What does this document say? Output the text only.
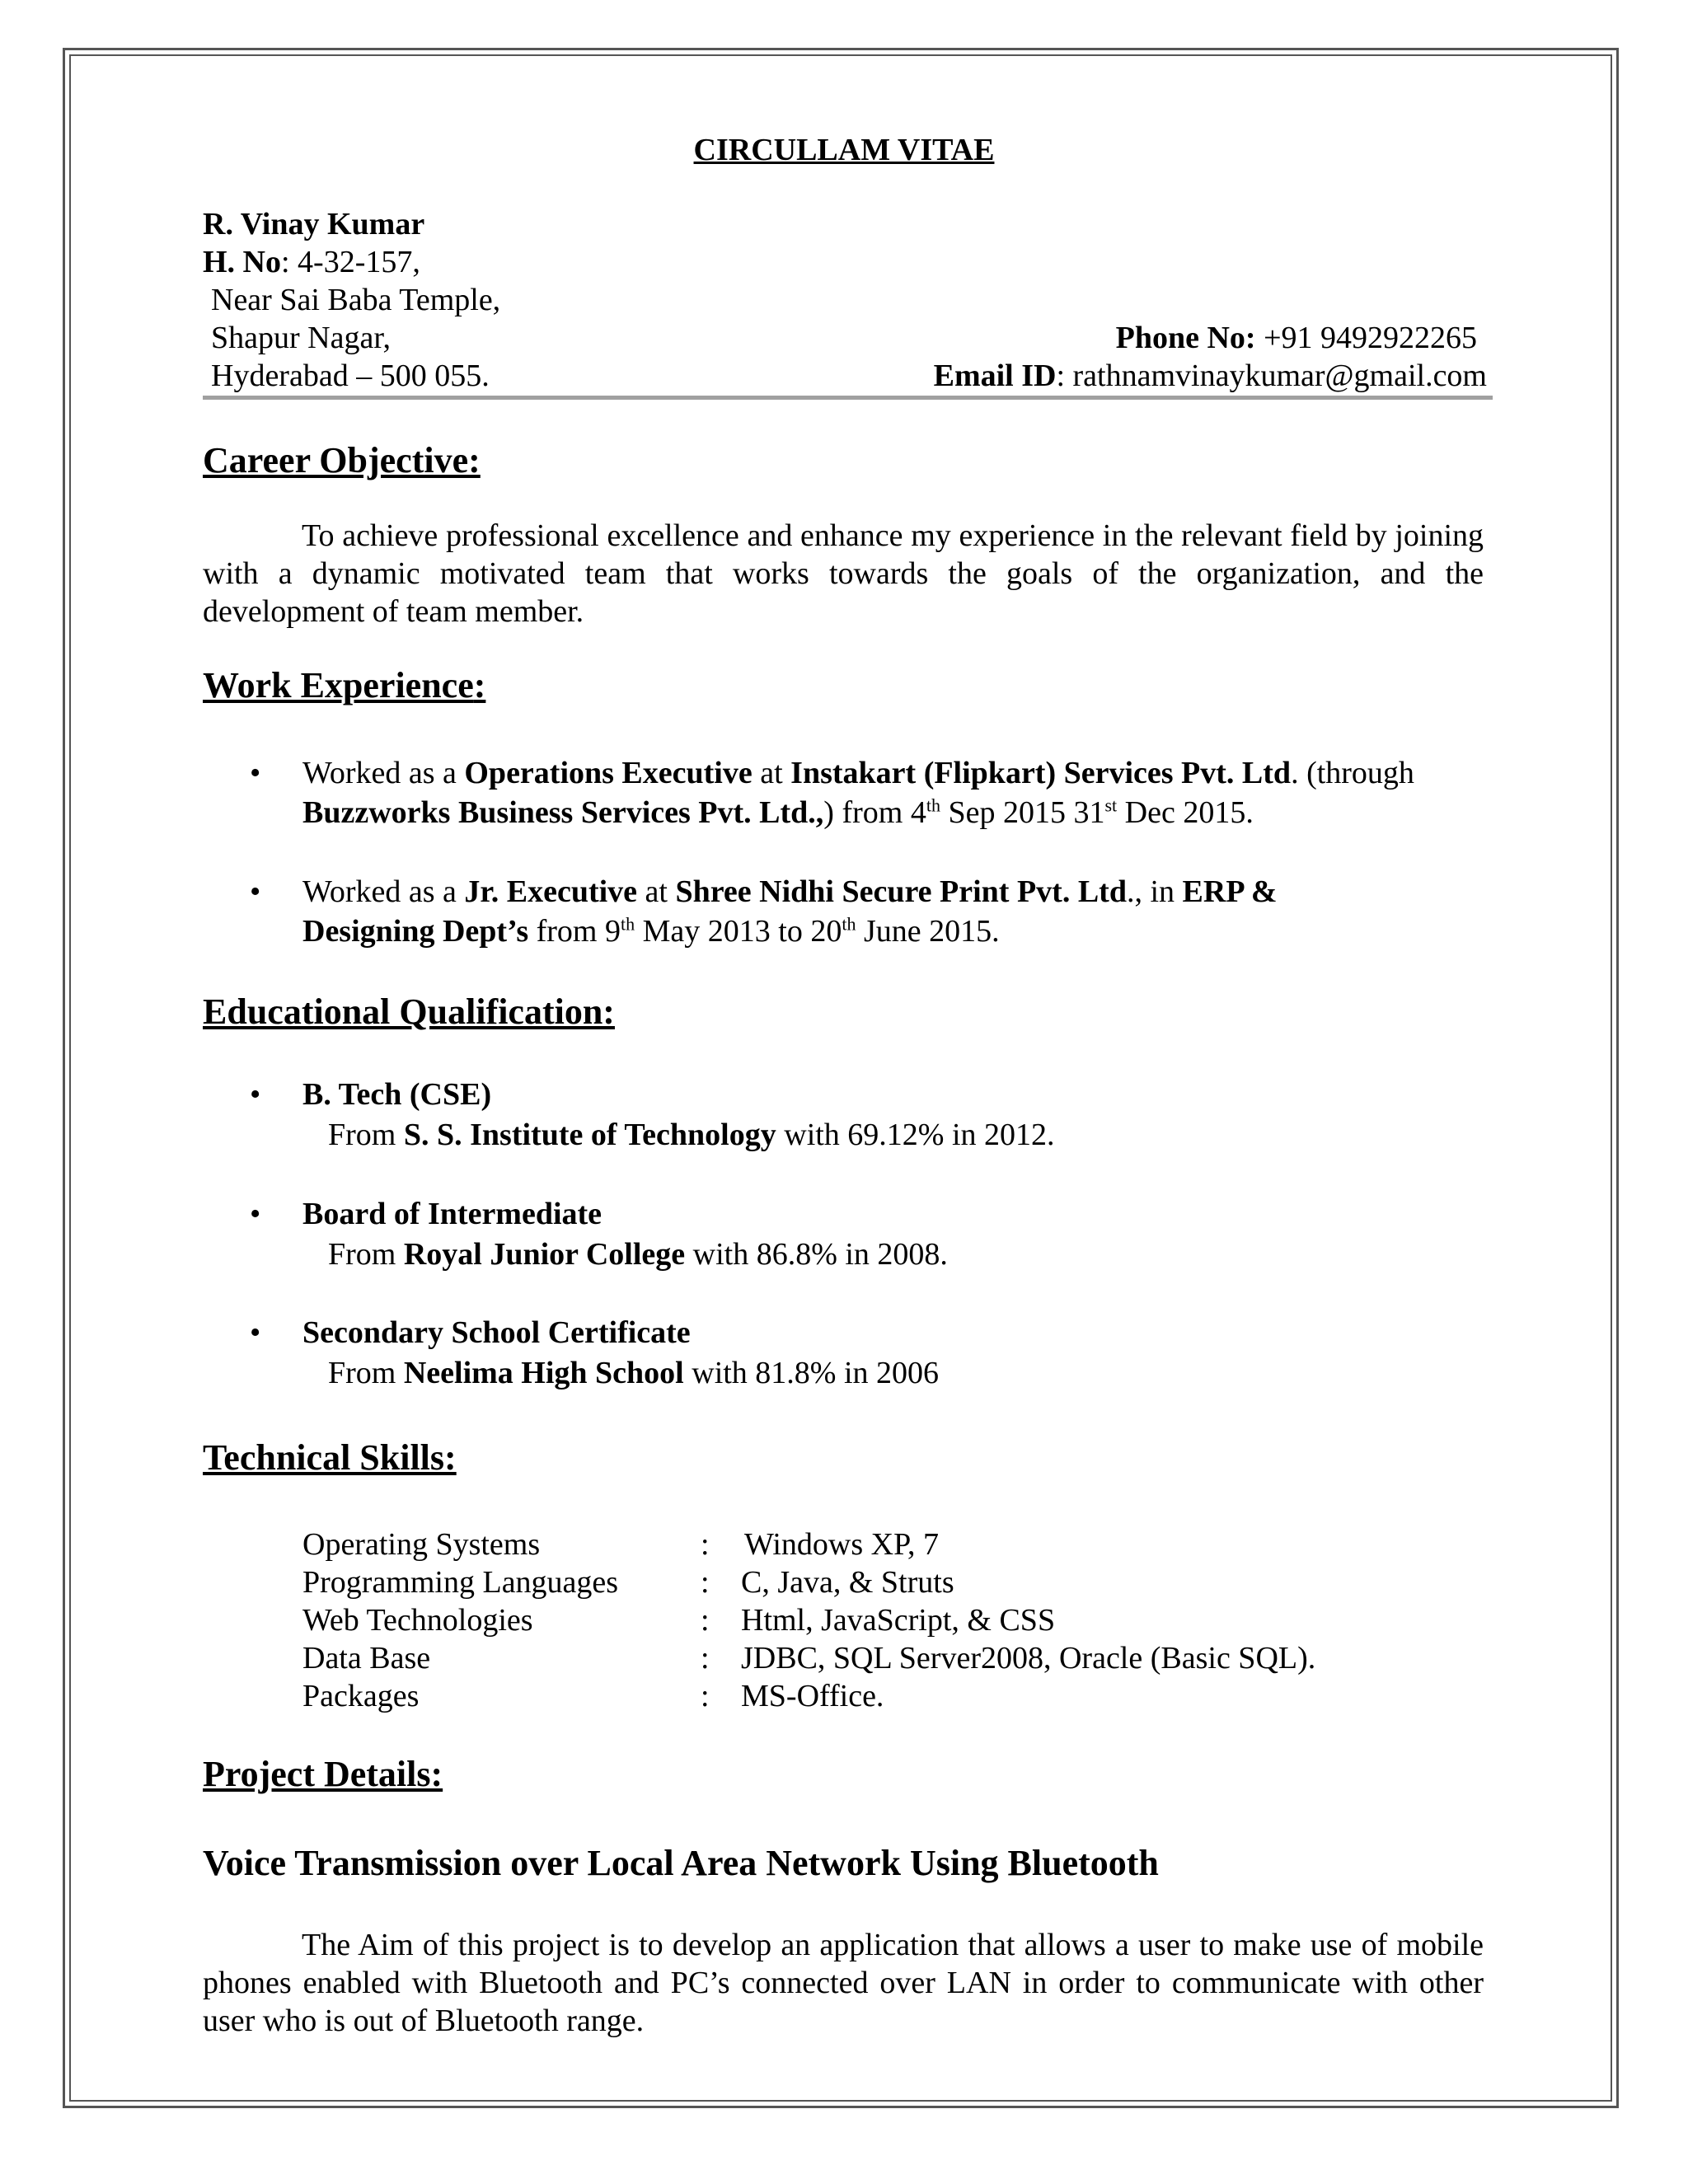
CIRCULLAM VITAE
R. Vinay Kumar
H. No: 4-32-157,
Near Sai Baba Temple,
Shapur Nagar,
Hyderabad – 500 055.
Phone No: +91 9492922265
Email ID: rathnamvinaykumar@gmail.com
Career Objective:
To achieve professional excellence and enhance my experience in the relevant field by joining with a dynamic motivated team that works towards the goals of the organization, and the development of team member.
Work Experience:
• Worked as a Operations Executive at Instakart (Flipkart) Services Pvt. Ltd. (through
Buzzworks Business Services Pvt. Ltd.,) from 4th Sep 2015 31st Dec 2015.
• Worked as a Jr. Executive at Shree Nidhi Secure Print Pvt. Ltd., in ERP &
Designing Dept’s from 9th May 2013 to 20th June 2015.
Educational Qualification:
• B. Tech (CSE)
From S. S. Institute of Technology with 69.12% in 2012.
• Board of Intermediate
From Royal Junior College with 86.8% in 2008.
• Secondary School Certificate
From Neelima High School with 81.8% in 2006
Technical Skills:
Operating Systems	: Windows XP, 7
Programming Languages	: C, Java, & Struts
Web Technologies	: Html, JavaScript, & CSS
Data Base	: JDBC, SQL Server2008, Oracle (Basic SQL).
Packages	: MS-Office.
Project Details:
Voice Transmission over Local Area Network Using Bluetooth
The Aim of this project is to develop an application that allows a user to make use of mobile phones enabled with Bluetooth and PC’s connected over LAN in order to communicate with other user who is out of Bluetooth range.
